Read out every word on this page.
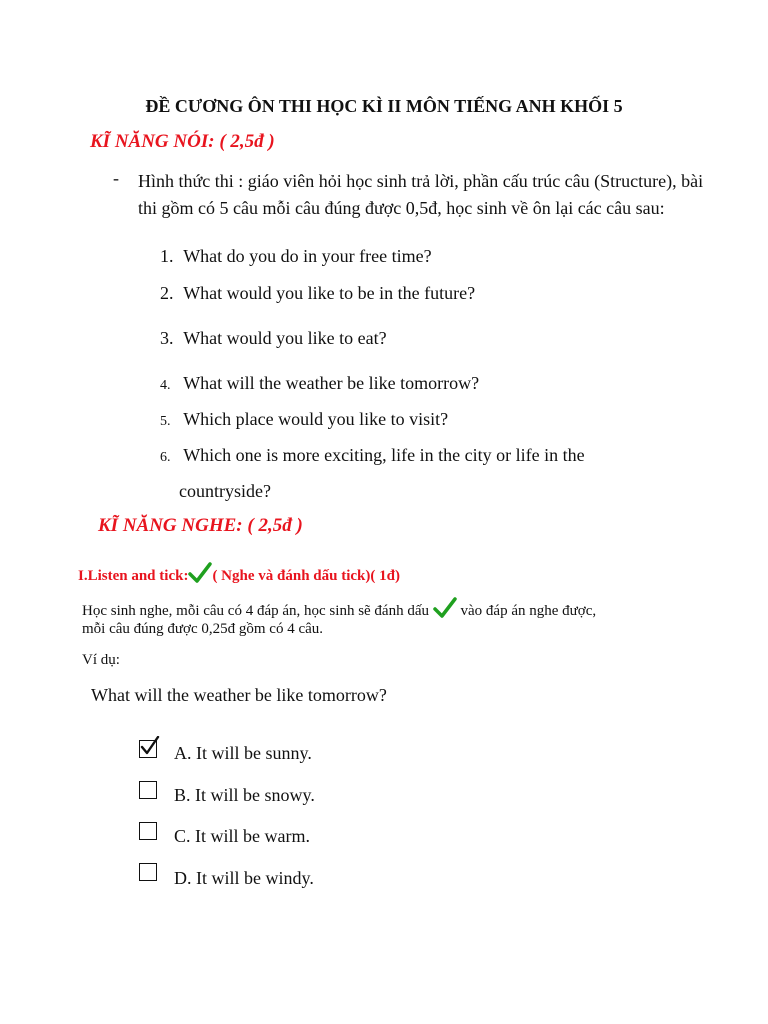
ĐỀ CƯƠNG ÔN THI HỌC KÌ II MÔN TIẾNG ANH KHỐI 5
KĨ NĂNG NÓI: ( 2,5đ )
- Hình thức thi : giáo viên hỏi học sinh trả lời, phần cấu trúc câu (Structure), bài thi gồm có 5 câu mỗi câu đúng được 0,5đ, học sinh về ôn lại các câu sau:
1. What do you do in your free time?
2. What would you like to be in the future?
3. What would you like to eat?
4. What will the weather be like tomorrow?
5. Which place would you like to visit?
6. Which one is more exciting, life in the city or life in the
countryside?
KĨ NĂNG NGHE: ( 2,5đ )
I.Listen and tick: ( Nghe và đánh dấu tick)( 1đ)
Học sinh nghe, mỗi câu có 4 đáp án, học sinh sẽ đánh dấu vào đáp án nghe được,
mỗi câu đúng được 0,25đ gồm có 4 câu.
Ví dụ:
What will the weather be like tomorrow?
A. It will be sunny.
B. It will be snowy.
C. It will be warm.
D. It will be windy.
